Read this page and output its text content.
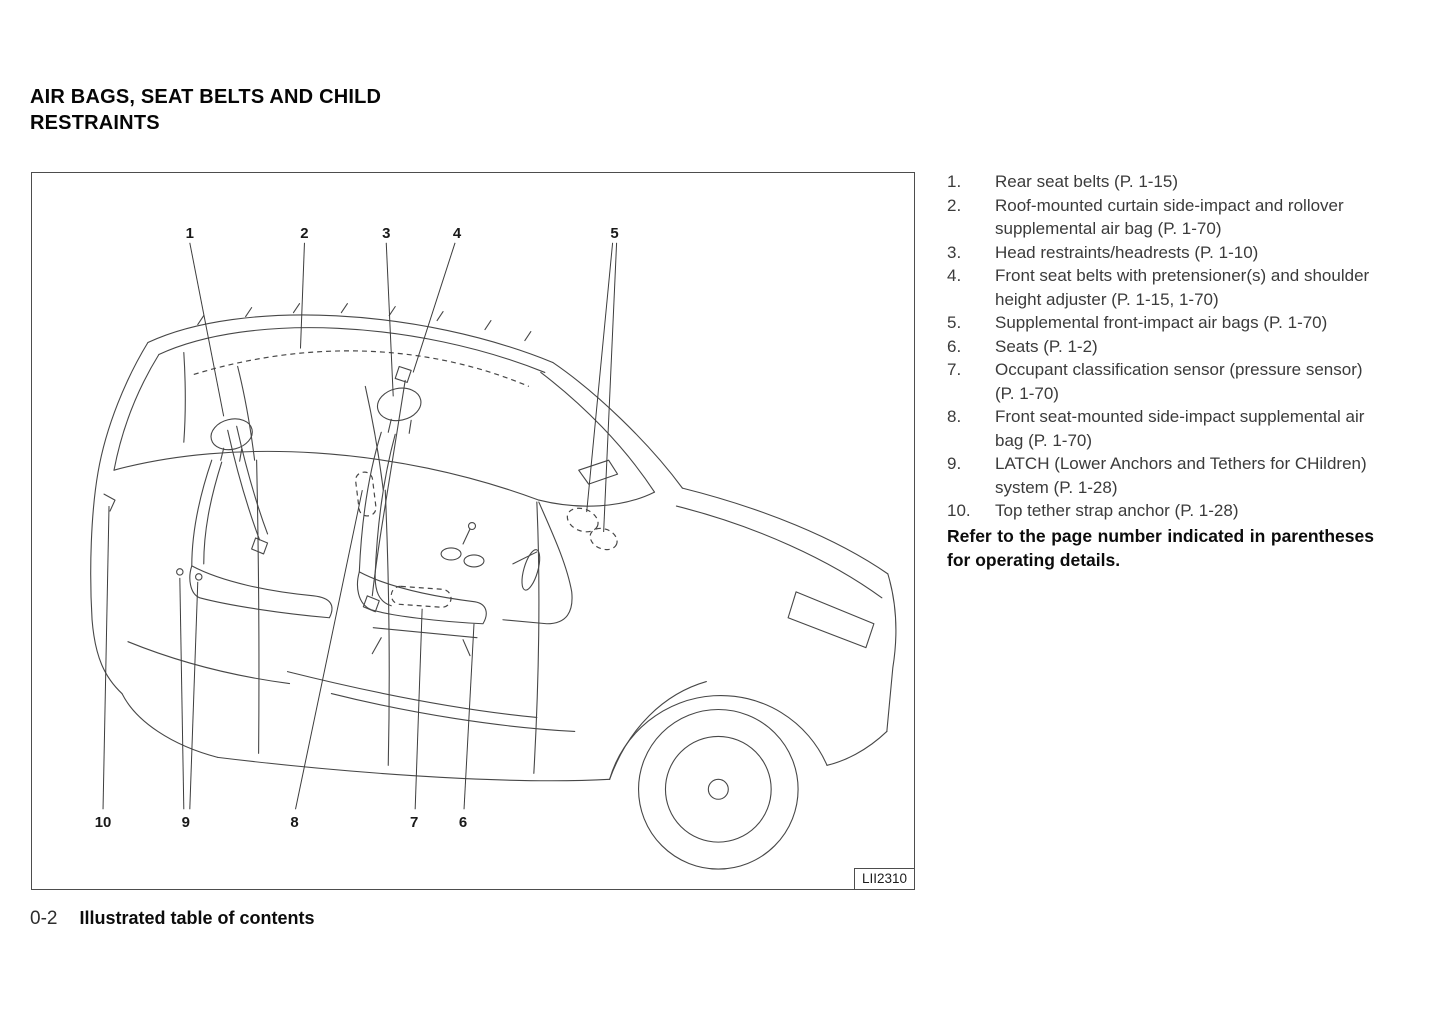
AIR BAGS, SEAT BELTS AND CHILD
RESTRAINTS
1	2	3	4	5
6
7
8
9
10
LII2310
1.	Rear seat belts (P. 1-15)
2.	Roof-mounted curtain side-impact and rollover supplemental air bag (P. 1-70)
3.	Head restraints/headrests (P. 1-10)
4.	Front seat belts with pretensioner(s) and shoulder height adjuster (P. 1-15, 1-70)
5.	Supplemental front-impact air bags (P. 1-70)
6.	Seats (P. 1-2)
7.	Occupant classification sensor (pressure sensor) (P. 1-70)
8.	Front seat-mounted side-impact supplemental air bag (P. 1-70)
9.	LATCH (Lower Anchors and Tethers for CHildren) system (P. 1-28)
10.	Top tether strap anchor (P. 1-28)
Refer to the page number indicated in parentheses for operating details.
0-2 Illustrated table of contents
